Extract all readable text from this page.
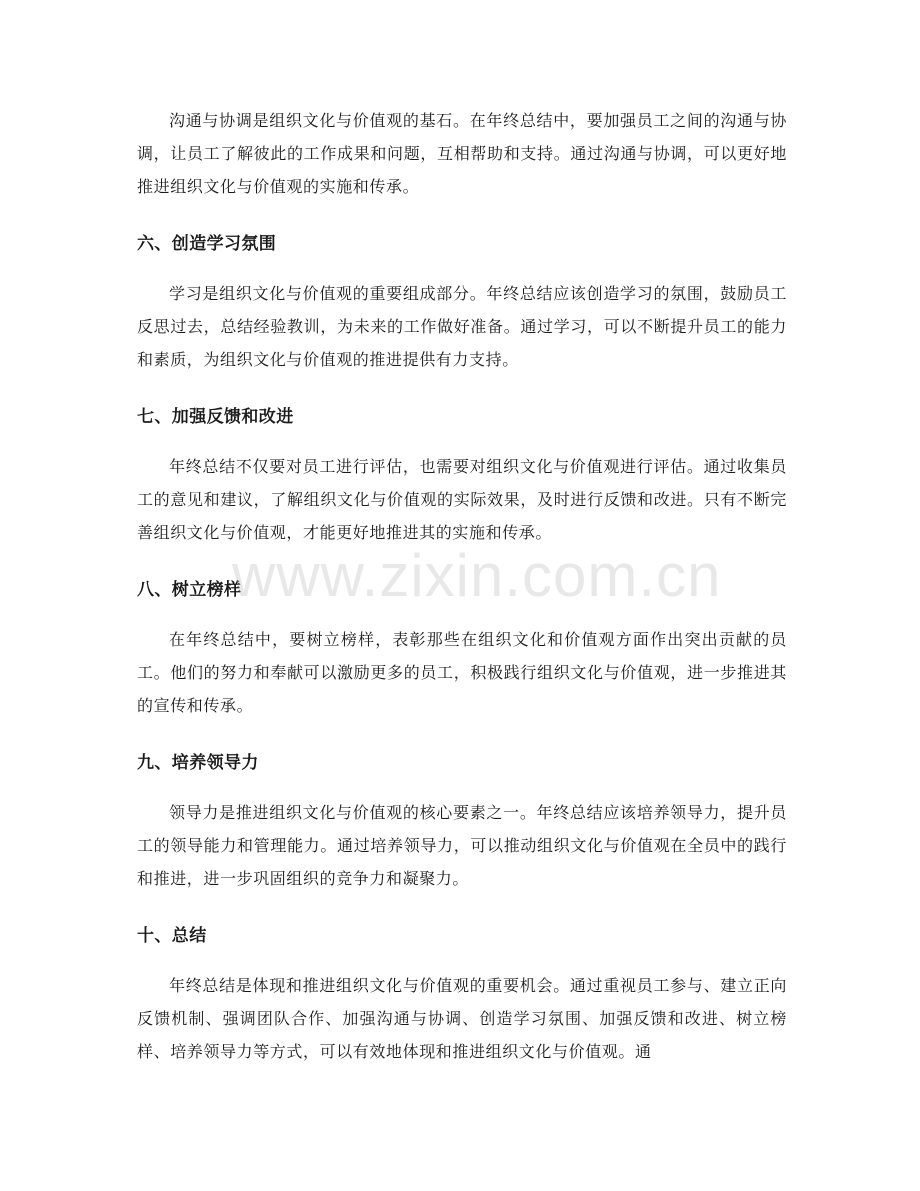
沟通与协调是组织文化与价值观的基石。在年终总结中，要加强员工之间的沟通与协调，让员工了解彼此的工作成果和问题，互相帮助和支持。通过沟通与协调，可以更好地推进组织文化与价值观的实施和传承。

六、创造学习氛围

学习是组织文化与价值观的重要组成部分。年终总结应该创造学习的氛围，鼓励员工反思过去，总结经验教训，为未来的工作做好准备。通过学习，可以不断提升员工的能力和素质，为组织文化与价值观的推进提供有力支持。

七、加强反馈和改进

年终总结不仅要对员工进行评估，也需要对组织文化与价值观进行评估。通过收集员工的意见和建议，了解组织文化与价值观的实际效果，及时进行反馈和改进。只有不断完善组织文化与价值观，才能更好地推进其的实施和传承。

八、树立榜样

在年终总结中，要树立榜样，表彰那些在组织文化和价值观方面作出突出贡献的员工。他们的努力和奉献可以激励更多的员工，积极践行组织文化与价值观，进一步推进其的宣传和传承。

九、培养领导力

领导力是推进组织文化与价值观的核心要素之一。年终总结应该培养领导力，提升员工的领导能力和管理能力。通过培养领导力，可以推动组织文化与价值观在全员中的践行和推进，进一步巩固组织的竞争力和凝聚力。

十、总结

年终总结是体现和推进组织文化与价值观的重要机会。通过重视员工参与、建立正向反馈机制、强调团队合作、加强沟通与协调、创造学习氛围、加强反馈和改进、树立榜样、培养领导力等方式，可以有效地体现和推进组织文化与价值观。通

www.zixin.com.cn
